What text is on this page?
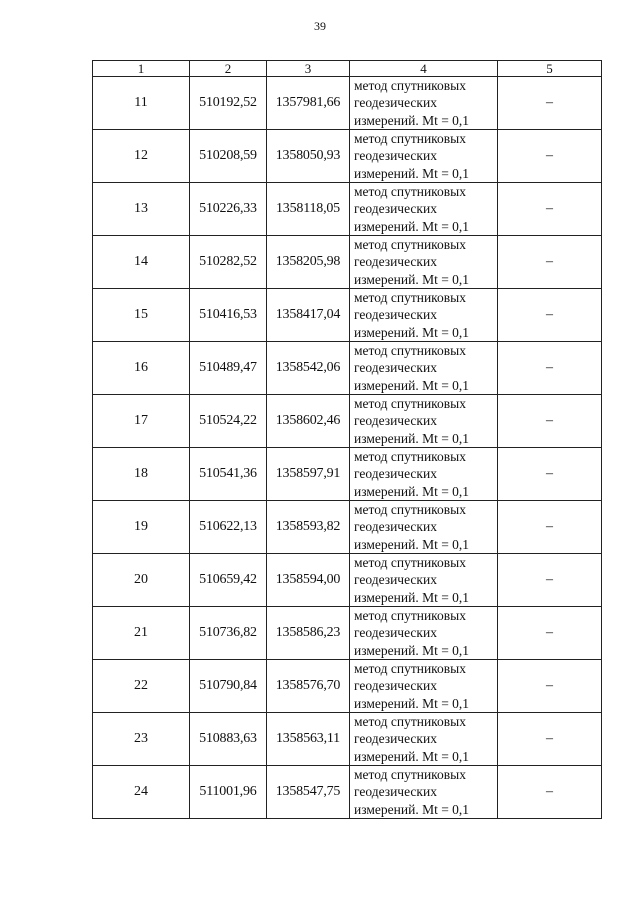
39
1	2	3	4	5
11	510192,52	1357981,66	метод спутниковых
геодезических
измерений. Mt = 0,1	–
12	510208,59	1358050,93	метод спутниковых
геодезических
измерений. Mt = 0,1	–
13	510226,33	1358118,05	метод спутниковых
геодезических
измерений. Mt = 0,1	–
14	510282,52	1358205,98	метод спутниковых
геодезических
измерений. Mt = 0,1	–
15	510416,53	1358417,04	метод спутниковых
геодезических
измерений. Mt = 0,1	–
16	510489,47	1358542,06	метод спутниковых
геодезических
измерений. Mt = 0,1	–
17	510524,22	1358602,46	метод спутниковых
геодезических
измерений. Mt = 0,1	–
18	510541,36	1358597,91	метод спутниковых
геодезических
измерений. Mt = 0,1	–
19	510622,13	1358593,82	метод спутниковых
геодезических
измерений. Mt = 0,1	–
20	510659,42	1358594,00	метод спутниковых
геодезических
измерений. Mt = 0,1	–
21	510736,82	1358586,23	метод спутниковых
геодезических
измерений. Mt = 0,1	–
22	510790,84	1358576,70	метод спутниковых
геодезических
измерений. Mt = 0,1	–
23	510883,63	1358563,11	метод спутниковых
геодезических
измерений. Mt = 0,1	–
24	511001,96	1358547,75	метод спутниковых
геодезических
измерений. Mt = 0,1	–
